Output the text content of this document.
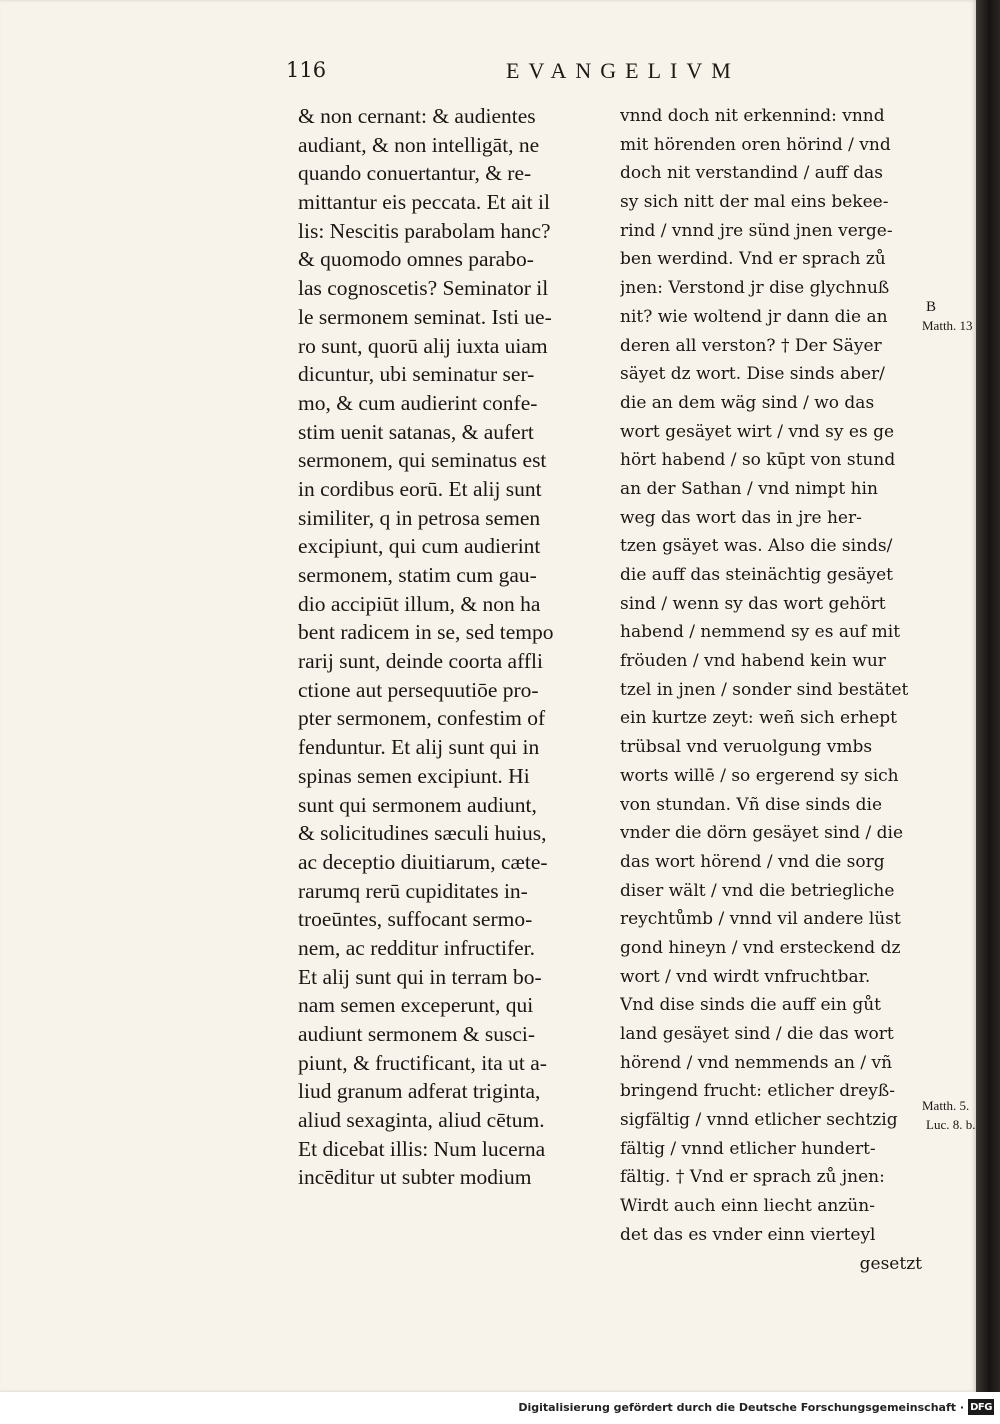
116	EVANGELIVM
& non cernant: & audientes
audiant, & non intelligāt, ne
quando conuertantur, & re-
mittantur eis peccata. Et ait il
lis: Nescitis parabolam hanc?
& quomodo omnes parabo-
las cognoscetis? Seminator il
le sermonem seminat. Isti ue-
ro sunt, quorū alij iuxta uiam
dicuntur, ubi seminatur ser-
mo, & cum audierint confe-
stim uenit satanas, & aufert
sermonem, qui seminatus est
in cordibus eorū. Et alij sunt
similiter, q in petrosa semen
excipiunt, qui cum audierint
sermonem, statim cum gau-
dio accipiūt illum, & non ha
bent radicem in se, sed tempo
rarij sunt, deinde coorta affli
ctione aut persequutiōe pro-
pter sermonem, confestim of
fenduntur. Et alij sunt qui in
spinas semen excipiunt. Hi
sunt qui sermonem audiunt,
& solicitudines sæculi huius,
ac deceptio diuitiarum, cæte-
rarumq rerū cupiditates in-
troeūntes, suffocant sermo-
nem, ac redditur infructifer.
Et alij sunt qui in terram bo-
nam semen exceperunt, qui
audiunt sermonem & susci-
piunt, & fructificant, ita ut a-
liud granum adferat triginta,
aliud sexaginta, aliud cētum.
Et dicebat illis: Num lucerna
incēditur ut subter modium
vnnd doch nit erkennind: vnnd
mit hörenden oren hörind / vnd
doch nit verstandind / auff das
sy sich nitt der mal eins bekee-
rind / vnnd jre sünd jnen verge-
ben werdind. Vnd er sprach zů
jnen: Verstond jr dise glychnuß
nit? wie woltend jr dann die an
deren all verston? † Der Säyer
säyet dz wort. Dise sinds aber/
die an dem wäg sind / wo das
wort gesäyet wirt / vnd sy es ge
hört habend / so kūpt von stund
an der Sathan / vnd nimpt hin
weg das wort das in jre her-
tzen gsäyet was. Also die sinds/
die auff das steinächtig gesäyet
sind / wenn sy das wort gehört
habend / nemmend sy es auf mit
fröuden / vnd habend kein wur
tzel in jnen / sonder sind bestätet
ein kurtze zeyt: weñ sich erhept
trübsal vnd veruolgung vmbs
worts willē / so ergerend sy sich
von stundan. Vñ dise sinds die
vnder die dörn gesäyet sind / die
das wort hörend / vnd die sorg
diser wält / vnd die betriegliche
reychtůmb / vnnd vil andere lüst
gond hineyn / vnd ersteckend dz
wort / vnd wirdt vnfruchtbar.
Vnd dise sinds die auff ein gůt
land gesäyet sind / die das wort
hörend / vnd nemmends an / vñ
bringend frucht: etlicher dreyß-
sigfältig / vnnd etlicher sechtzig
fältig / vnnd etlicher hundert-
fältig. † Vnd er sprach zů jnen:
Wirdt auch einn liecht anzün-
det das es vnder einn vierteyl
gesetzt
B
Matth. 13
Matth. 5.
Luc. 8. b.
Digitalisierung gefördert durch die Deutsche Forschungsgemeinschaft · DFG
